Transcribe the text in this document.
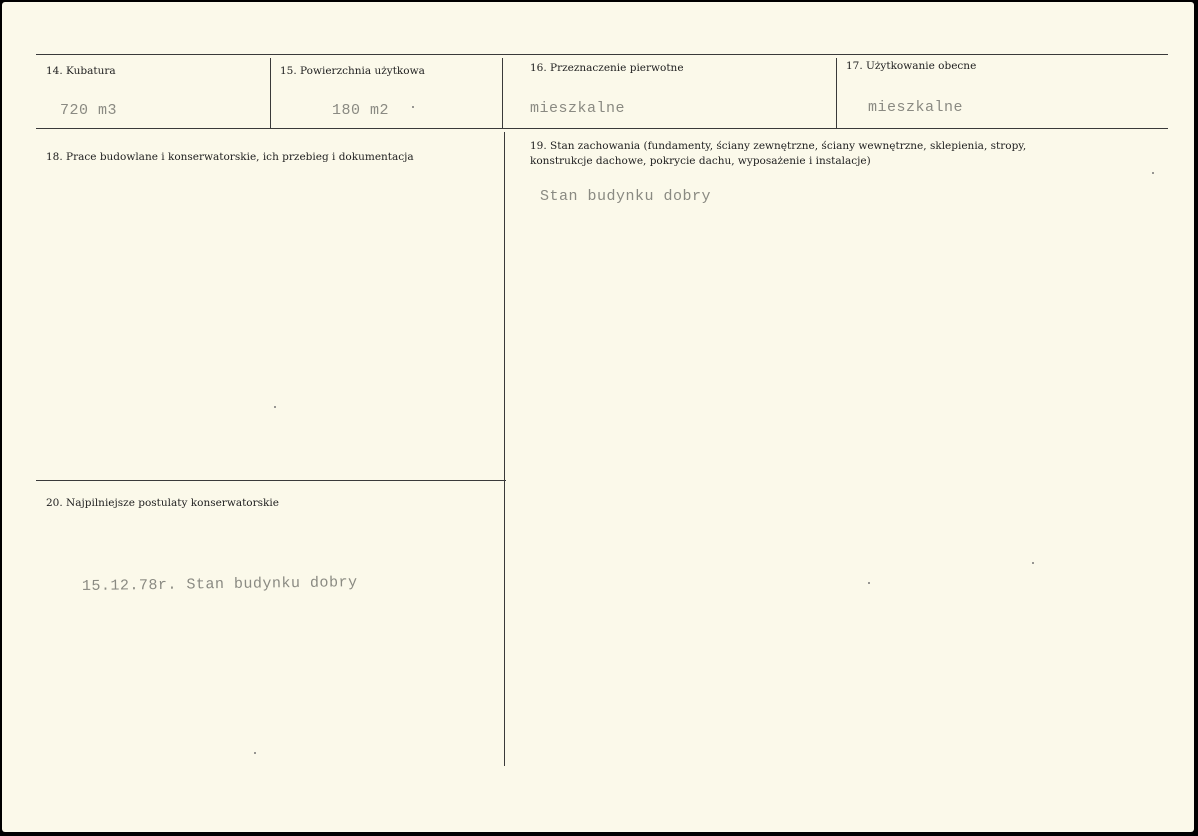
14. Kubatura
720 m3
15. Powierzchnia użytkowa
180 m2
16. Przeznaczenie pierwotne
mieszkalne
17. Użytkowanie obecne
mieszkalne
18. Prace budowlane i konserwatorskie, ich przebieg i dokumentacja
19. Stan zachowania (fundamenty, ściany zewnętrzne, ściany wewnętrzne, sklepienia, stropy,
konstrukcje dachowe, pokrycie dachu, wyposażenie i instalacje)
Stan budynku dobry
20. Najpilniejsze postulaty konserwatorskie
15.12.78r. Stan budynku dobry
